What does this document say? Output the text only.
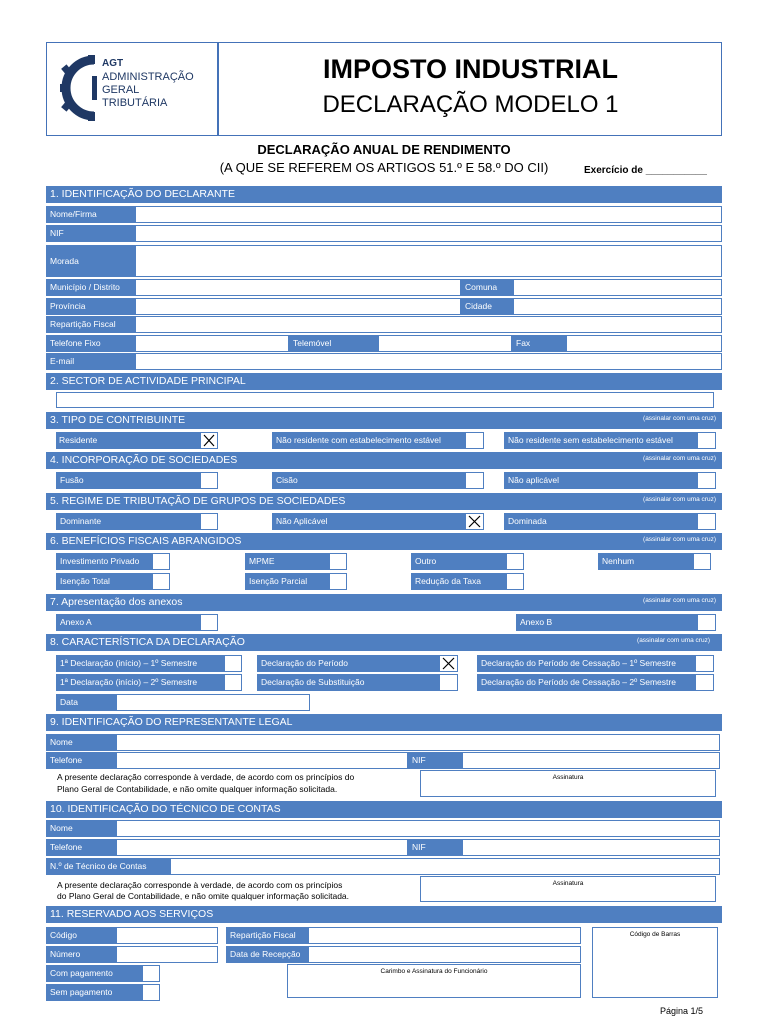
AGT
ADMINISTRAÇÃO
GERAL
TRIBUTÁRIA
IMPOSTO INDUSTRIAL
DECLARAÇÃO MODELO 1
DECLARAÇÃO ANUAL DE RENDIMENTO
(A QUE SE REFEREM OS ARTIGOS 51.º E 58.º DO CII)	Exercício de ___________
1. IDENTIFICAÇÃO DO DECLARANTE
Nome/Firma
NIF
Morada
Município / Distrito	Comuna
Província	Cidade
Repartição Fiscal
Telefone Fixo	Telemóvel	Fax
E-mail
2. SECTOR DE ACTIVIDADE PRINCIPAL
3. TIPO DE CONTRIBUINTE	(assinalar com uma cruz)
Residente	Não residente com estabelecimento estável	Não residente sem estabelecimento estável
4. INCORPORAÇÃO DE SOCIEDADES	(assinalar com uma cruz)
Fusão	Cisão	Não aplicável
5. REGIME DE TRIBUTAÇÃO DE GRUPOS DE SOCIEDADES	(assinalar com uma cruz)
Dominante	Não Aplicável	Dominada
6. BENEFÍCIOS FISCAIS ABRANGIDOS	(assinalar com uma cruz)
Investimento Privado	MPME	Outro	Nenhum
Isenção Total	Isenção Parcial	Redução da Taxa
7. Apresentação dos anexos	(assinalar com uma cruz)
Anexo A	Anexo B
8. CARACTERÍSTICA DA DECLARAÇÃO	(assinalar com uma cruz)
1ª Declaração (início) – 1º Semestre	Declaração do Período	Declaração do Período de Cessação – 1º Semestre
1ª Declaração (início) – 2º Semestre	Declaração de Substituição	Declaração do Período de Cessação – 2º Semestre
Data
9. IDENTIFICAÇÃO DO REPRESENTANTE LEGAL
Nome
Telefone	NIF
A presente declaração corresponde à verdade, de acordo com os princípios do
Plano Geral de Contabilidade, e não omite qualquer informação solicitada.
Assinatura
10. IDENTIFICAÇÃO DO TÉCNICO DE CONTAS
Nome
Telefone	NIF
N.º de Técnico de Contas
A presente declaração corresponde à verdade, de acordo com os princípios
do Plano Geral de Contabilidade, e não omite qualquer informação solicitada.
Assinatura
11. RESERVADO AOS SERVIÇOS
Código	Repartição Fiscal
Número	Data de Recepção
Com pagamento
Sem pagamento
Carimbo e Assinatura do Funcionário
Código de Barras
Página 1/5
